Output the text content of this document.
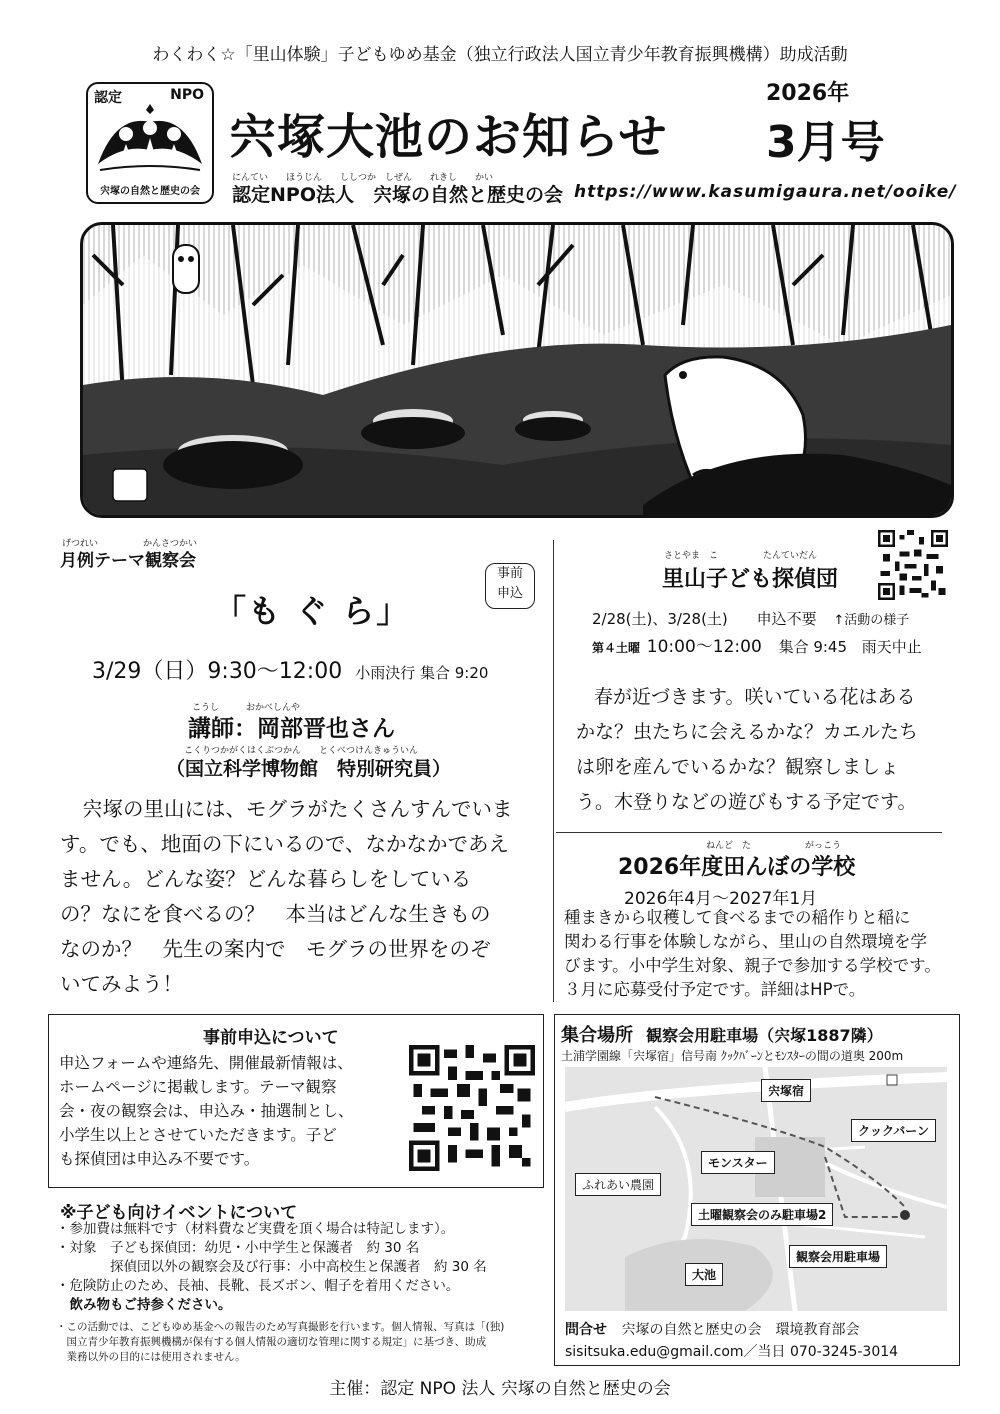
わくわく☆「里山体験」子どもゆめ基金（独立行政法人国立青少年教育振興機構）助成活動
認定	NPO
宍塚の自然と歴史の会
宍塚大池のお知らせ
2026年
3月号
にんてい　　ほうじん　　ししつか　しぜん　　れきし　　かい
認定NPO法人　宍塚の自然と歴史の会 https://www.kasumigaura.net/ooike/
げつれい　　　　　かんさつかい
月例テーマ観察会
事前
申込
「も ぐ ら」
3/29（日）9:30〜12:00 小雨決行 集合 9:20
こうし　　　おかべしんや
講師：岡部晋也さん
こくりつかがくはくぶつかん　　とくべつけんきゅういん
（国立科学博物館　特別研究員）
宍塚の里山には、モグラがたくさんすんでいま
す。でも、地面の下にいるので、なかなかであえ
ません。どんな姿？どんな暮らしをしている
の？なにを食べるの？　本当はどんな生きもの
なのか？　先生の案内で　モグラの世界をのぞ
いてみよう！
さとやま　こ　　　　　たんていだん
里山子ども探偵団
2/28(土)、3/28(土) 申込不要 ↑活動の様子
第４土曜 10:00〜12:00 集合 9:45 雨天中止
春が近づきます。咲いている花はある
かな？虫たちに会えるかな？カエルたち
は卵を産んでいるかな？観察しましょ
う。木登りなどの遊びもする予定です。
ねんど　た　　　　　　がっこう
2026年度田んぼの学校
2026年4月〜2027年1月
種まきから収穫して食べるまでの稲作りと稲に
関わる行事を体験しながら、里山の自然環境を学
びます。小中学生対象、親子で参加する学校です。
３月に応募受付予定です。詳細はHPで。
事前申込について
申込フォームや連絡先、開催最新情報は、
ホームページに掲載します。テーマ観察
会・夜の観察会は、申込み・抽選制とし、
小学生以上とさせていただきます。子ど
も探偵団は申込み不要です。
※子ども向けイベントについて
・参加費は無料です（材料費など実費を頂く場合は特記します）。
・対象　子ども探偵団：幼児・小中学生と保護者　約 30 名
　　　　探偵団以外の観察会及び行事：小中高校生と保護者　約 30 名
・危険防止のため、長袖、長靴、長ズボン、帽子を着用ください。
　飲み物もご持参ください。
・この活動では、こどもゆめ基金への報告のため写真撮影を行います。個人情報、写真は「(独)
　国立青少年教育振興機構が保有する個人情報の適切な管理に関する規定」に基づき、助成
　業務以外の目的には使用されません。
集合場所 観察会用駐車場（宍塚1887隣）
土浦学園線「宍塚宿」信号南 ｸｯｸﾊﾞｰﾝとﾓﾝｽﾀｰの間の道奥 200m
宍塚宿
クックバーン
モンスター
ふれあい農園
土曜観察会のみ駐車場2
大池
観察会用駐車場
問合せ 宍塚の自然と歴史の会　環境教育部会
sisitsuka.edu@gmail.com／当日 070-3245-3014
主催：認定 NPO 法人 宍塚の自然と歴史の会
